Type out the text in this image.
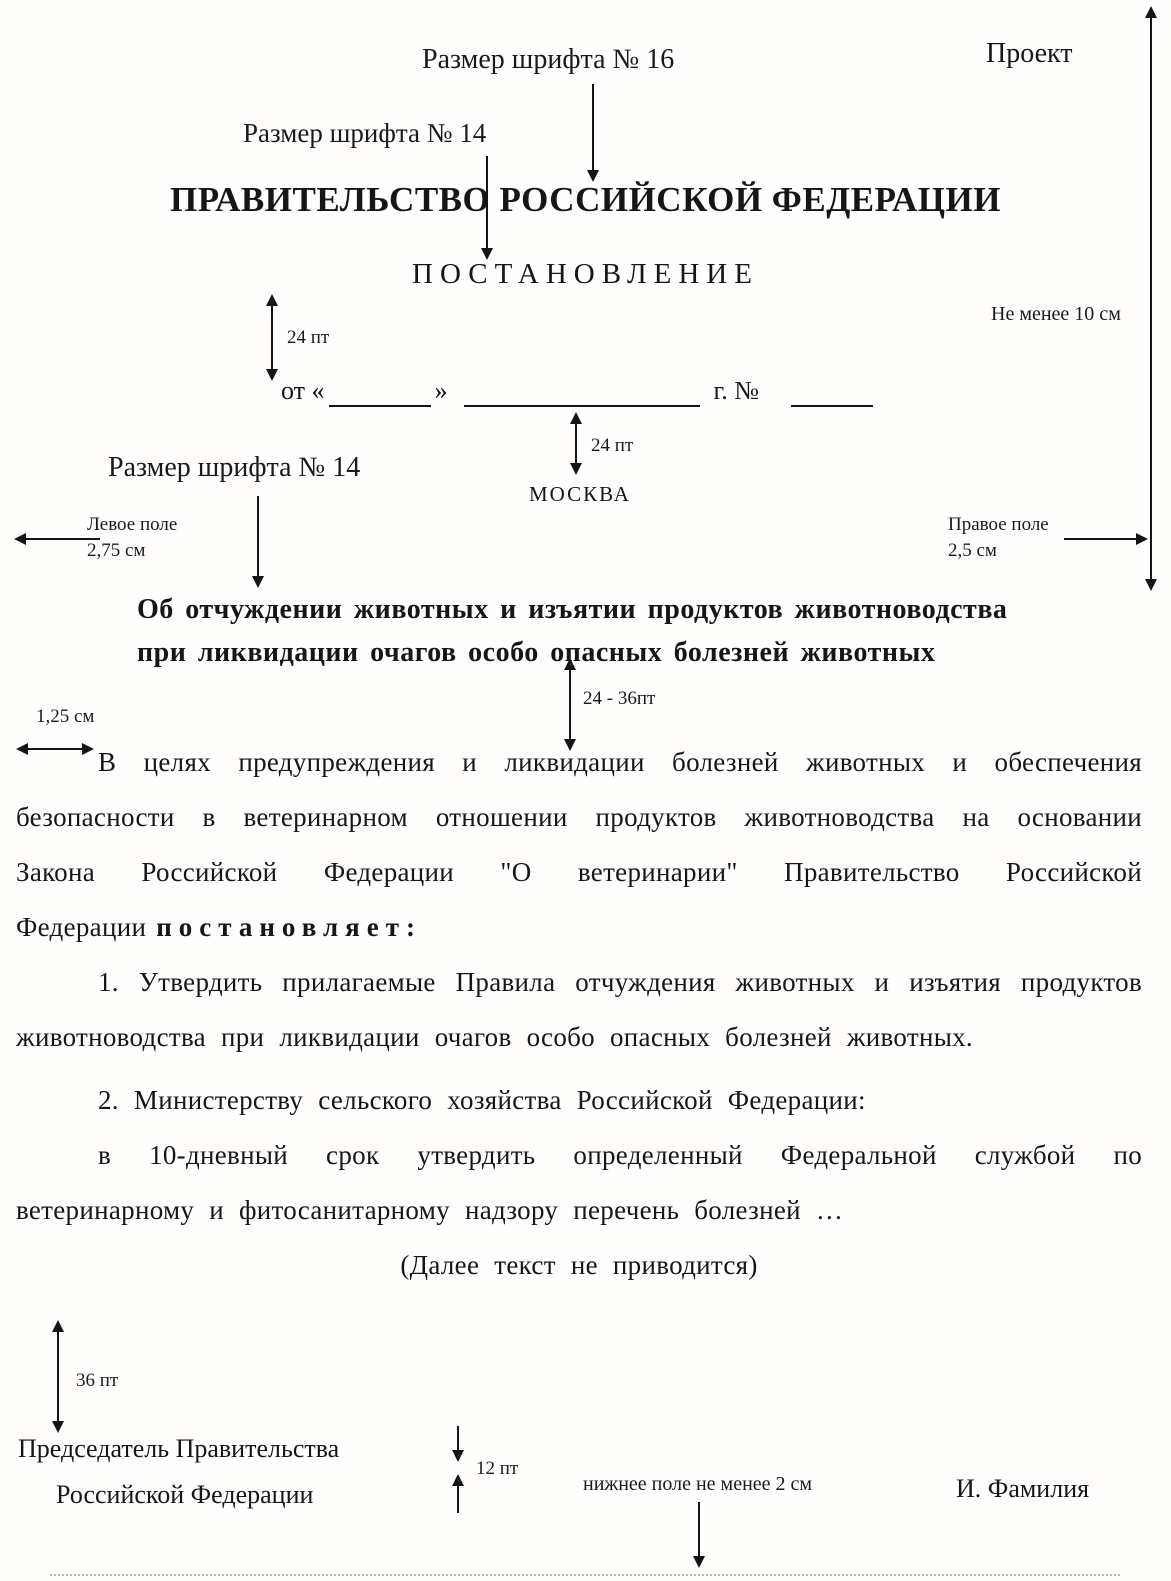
Размер шрифта № 16	Проект
Размер шрифта № 14
ПРАВИТЕЛЬСТВО РОССИЙСКОЙ ФЕДЕРАЦИИ
ПОСТАНОВЛЕНИЕ
24 пт
Не менее 10 см
от «	»	г. №
24 пт
МОСКВА
Размер шрифта № 14
Левое поле
2,75 см
Правое поле
2,5 см
Об отчуждении животных и изъятии продуктов животноводства
при ликвидации очагов особо опасных болезней животных
24 - 36пт
1,25 см

В целях предупреждения и ликвидации болезней животных и обеспечения безопасности в ветеринарном отношении продуктов животноводства на основании Закона Российской Федерации "О ветеринарии" Правительство Российской Федерации постановляет:

1. Утвердить прилагаемые Правила отчуждения животных и изъятия продуктов животноводства при ликвидации очагов особо опасных болезней животных.

2. Министерству сельского хозяйства Российской Федерации:

в 10-дневный срок утвердить определенный Федеральной службой по ветеринарному и фитосанитарному надзору перечень болезней …

(Далее текст не приводится)

36 пт
Председатель Правительства
Российской Федерации	И. Фамилия
12 пт
нижнее поле не менее 2 см
